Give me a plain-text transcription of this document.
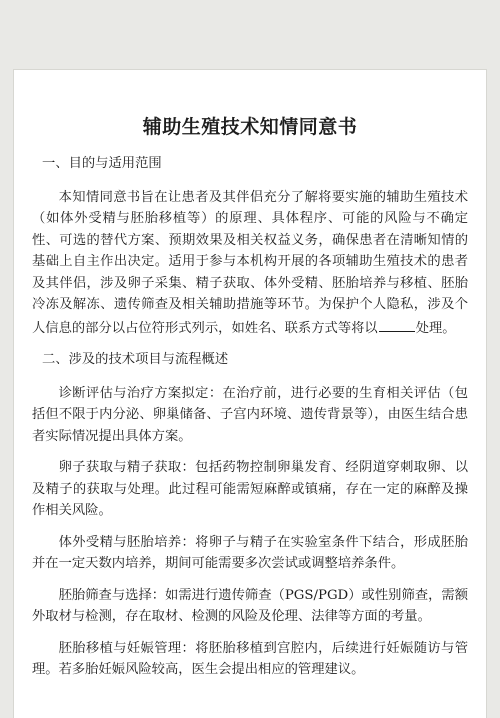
辅助生殖技术知情同意书
一、目的与适用范围

本知情同意书旨在让患者及其伴侣充分了解将要实施的辅助生殖技术（如体外受精与胚胎移植等）的原理、具体程序、可能的风险与不确定性、可选的替代方案、预期效果及相关权益义务，确保患者在清晰知情的基础上自主作出决定。适用于参与本机构开展的各项辅助生殖技术的患者及其伴侣，涉及卵子采集、精子获取、体外受精、胚胎培养与移植、胚胎冷冻及解冻、遗传筛查及相关辅助措施等环节。为保护个人隐私，涉及个人信息的部分以占位符形式列示，如姓名、联系方式等将以	处理。

二、涉及的技术项目与流程概述

诊断评估与治疗方案拟定：在治疗前，进行必要的生育相关评估（包括但不限于内分泌、卵巢储备、子宫内环境、遗传背景等），由医生结合患者实际情况提出具体方案。

卵子获取与精子获取：包括药物控制卵巢发育、经阴道穿刺取卵、以及精子的获取与处理。此过程可能需短麻醉或镇痛，存在一定的麻醉及操作相关风险。

体外受精与胚胎培养：将卵子与精子在实验室条件下结合，形成胚胎并在一定天数内培养，期间可能需要多次尝试或调整培养条件。

胚胎筛查与选择：如需进行遗传筛查（PGS/PGD）或性别筛查，需额外取材与检测，存在取材、检测的风险及伦理、法律等方面的考量。

胚胎移植与妊娠管理：将胚胎移植到宫腔内，后续进行妊娠随访与管理。若多胎妊娠风险较高，医生会提出相应的管理建议。
